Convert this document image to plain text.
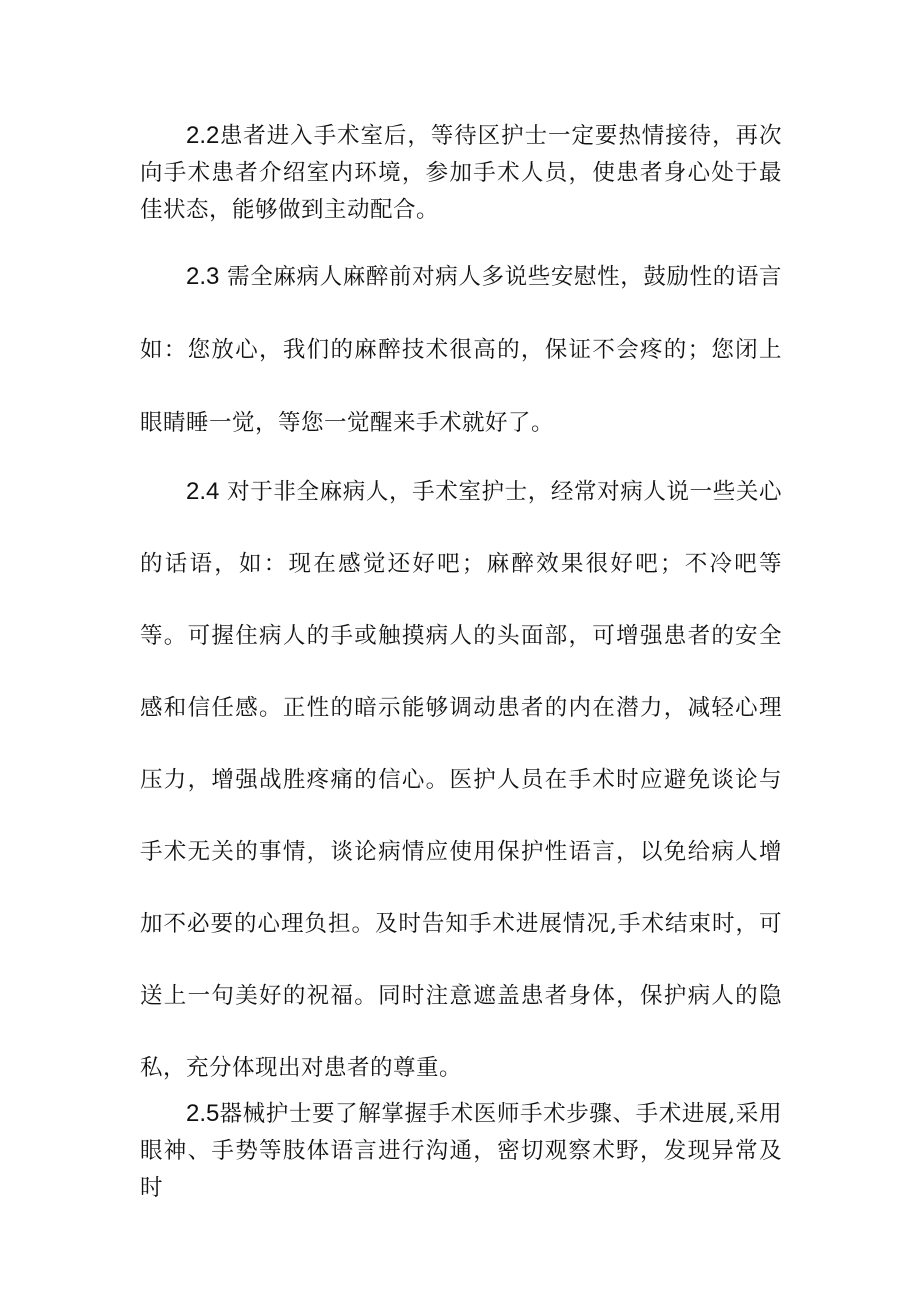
2.2患者进入手术室后，等待区护士一定要热情接待，再次向手术患者介绍室内环境，参加手术人员，使患者身心处于最佳状态，能够做到主动配合。

2.3 需全麻病人麻醉前对病人多说些安慰性，鼓励性的语言如：您放心，我们的麻醉技术很高的，保证不会疼的；您闭上眼睛睡一觉，等您一觉醒来手术就好了。

2.4 对于非全麻病人，手术室护士，经常对病人说一些关心的话语，如：现在感觉还好吧；麻醉效果很好吧；不冷吧等等。可握住病人的手或触摸病人的头面部，可增强患者的安全感和信任感。正性的暗示能够调动患者的内在潜力，减轻心理压力，增强战胜疼痛的信心。医护人员在手术时应避免谈论与手术无关的事情，谈论病情应使用保护性语言，以免给病人增加不必要的心理负担。及时告知手术进展情况,手术结束时，可送上一句美好的祝福。同时注意遮盖患者身体，保护病人的隐私，充分体现出对患者的尊重。

2.5器械护士要了解掌握手术医师手术步骤、手术进展,采用眼神、手势等肢体语言进行沟通，密切观察术野，发现异常及时
